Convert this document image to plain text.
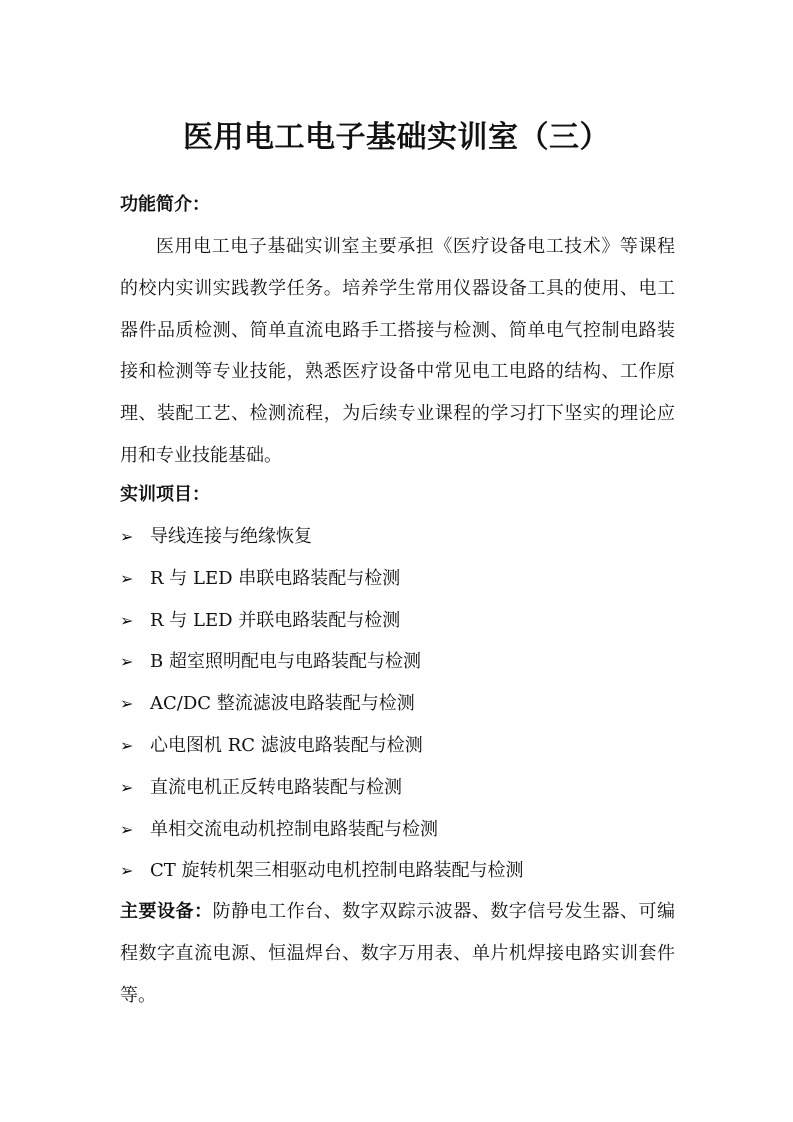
医用电工电子基础实训室（三）
功能简介：

医用电工电子基础实训室主要承担《医疗设备电工技术》等课程的校内实训实践教学任务。培养学生常用仪器设备工具的使用、电工器件品质检测、简单直流电路手工搭接与检测、简单电气控制电路装接和检测等专业技能，熟悉医疗设备中常见电工电路的结构、工作原理、装配工艺、检测流程，为后续专业课程的学习打下坚实的理论应用和专业技能基础。

实训项目：
➢ 导线连接与绝缘恢复
➢ R 与 LED 串联电路装配与检测
➢ R 与 LED 并联电路装配与检测
➢ B 超室照明配电与电路装配与检测
➢ AC/DC 整流滤波电路装配与检测
➢ 心电图机 RC 滤波电路装配与检测
➢ 直流电机正反转电路装配与检测
➢ 单相交流电动机控制电路装配与检测
➢ CT 旋转机架三相驱动电机控制电路装配与检测

主要设备：防静电工作台、数字双踪示波器、数字信号发生器、可编程数字直流电源、恒温焊台、数字万用表、单片机焊接电路实训套件等。
